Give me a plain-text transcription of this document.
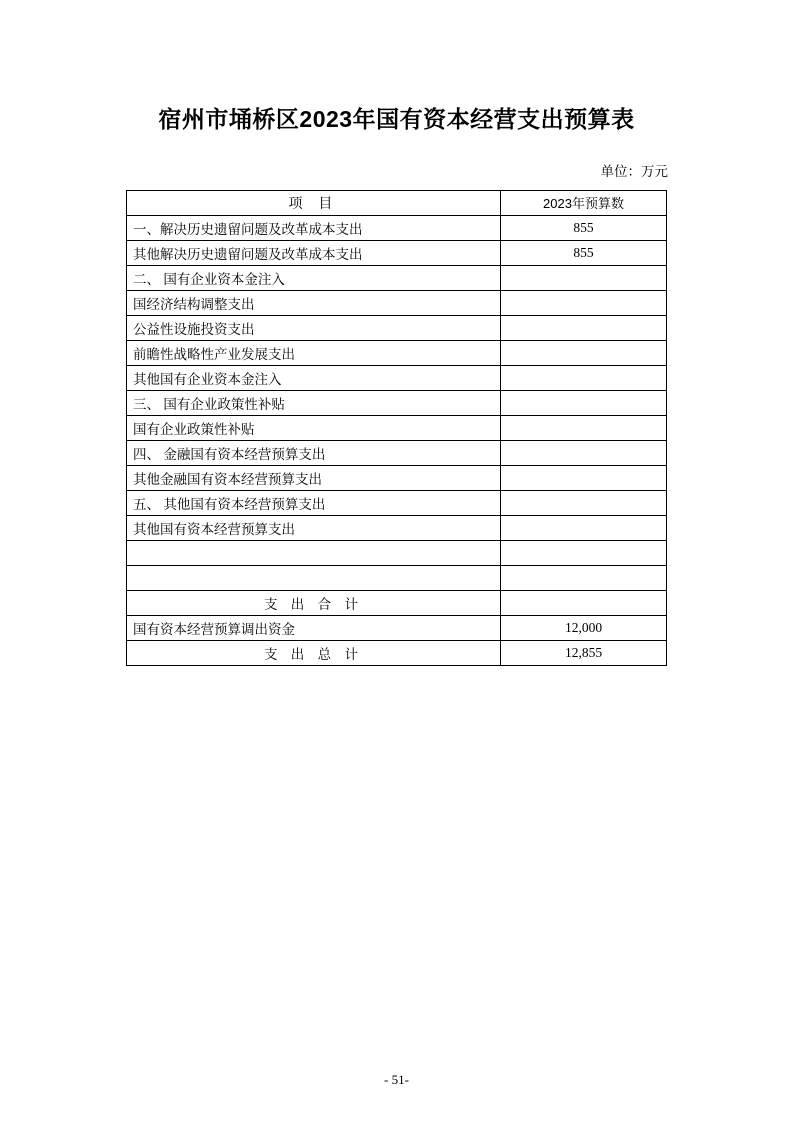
宿州市埇桥区2023年国有资本经营支出预算表
单位：万元
项 目	2023年预算数
一、解决历史遗留问题及改革成本支出	855
其他解决历史遗留问题及改革成本支出	855
二、 国有企业资本金注入	
国经济结构调整支出	
公益性设施投资支出	
前瞻性战略性产业发展支出	
其他国有企业资本金注入	
三、 国有企业政策性补贴	
国有企业政策性补贴	
四、 金融国有资本经营预算支出	
其他金融国有资本经营预算支出	
五、 其他国有资本经营预算支出	
其他国有资本经营预算支出	

支 出 合 计	
国有资本经营预算调出资金	12,000
支 出 总 计	12,855
- 51-
